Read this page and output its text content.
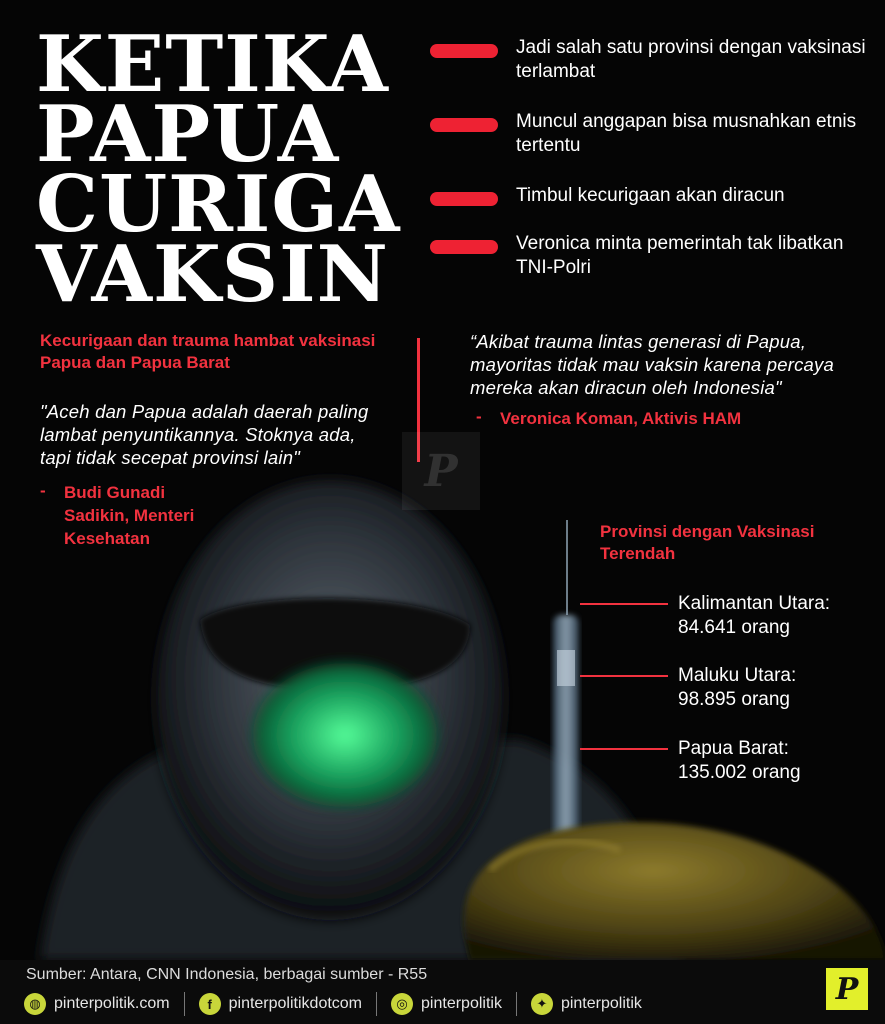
KETIKA
PAPUA
CURIGA
VAKSIN
Jadi salah satu provinsi dengan vaksinasi terlambat
Muncul anggapan bisa musnahkan etnis tertentu
Timbul kecurigaan akan diracun
Veronica minta pemerintah tak libatkan TNI-Polri
Kecurigaan dan trauma hambat vaksinasi Papua dan Papua Barat
"Aceh dan Papua adalah daerah paling lambat penyuntikannya. Stoknya ada, tapi tidak secepat provinsi lain"
-	Budi Gunadi Sadikin, Menteri Kesehatan
“Akibat trauma lintas generasi di Papua, mayoritas tidak mau vaksin karena percaya mereka akan diracun oleh Indonesia"
-	Veronica Koman, Aktivis HAM
P
Provinsi dengan Vaksinasi Terendah
Kalimantan Utara:
84.641 orang
Maluku Utara:
98.895 orang
Papua Barat:
135.002 orang
Sumber: Antara, CNN Indonesia, berbagai sumber - R55
◍ pinterpolitik.com	f	pinterpolitikdotcom	◎ pinterpolitik	✦ pinterpolitik	P
